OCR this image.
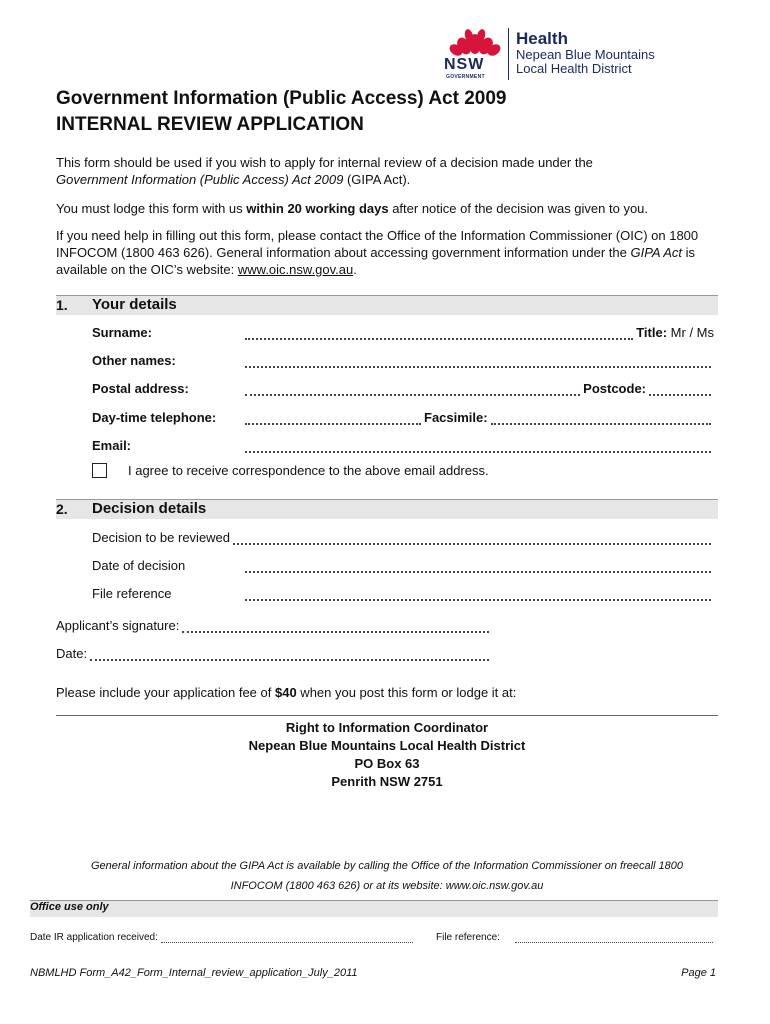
NSW
GOVERNMENT
Health
Nepean Blue Mountains
Local Health District
Government Information (Public Access) Act 2009
INTERNAL REVIEW APPLICATION
This form should be used if you wish to apply for internal review of a decision made under the
Government Information (Public Access) Act 2009 (GIPA Act).
You must lodge this form with us within 20 working days after notice of the decision was given to you.
If you need help in filling out this form, please contact the Office of the Information Commissioner (OIC) on 1800 INFOCOM (1800 463 626). General information about accessing government information under the GIPA Act is available on the OIC’s website: www.oic.nsw.gov.au.
1. Your details
Surname:	Title:
Mr / Ms
Other names:
Postal address:	Postcode:
Day-time telephone:	Facsimile:
Email:
I agree to receive correspondence to the above email address.
2. Decision details
Decision to be reviewed
Date of decision
File reference
Applicant’s signature:
Date:
Please include your application fee of $40 when you post this form or lodge it at:
Right to Information Coordinator
Nepean Blue Mountains Local Health District
PO Box 63
Penrith NSW 2751
General information about the GIPA Act is available by calling the Office of the Information Commissioner on freecall 1800
INFOCOM (1800 463 626) or at its website: www.oic.nsw.gov.au
Office use only
Date IR application received:	File reference:
NBMLHD Form_A42_Form_Internal_review_application_July_2011	Page 1
